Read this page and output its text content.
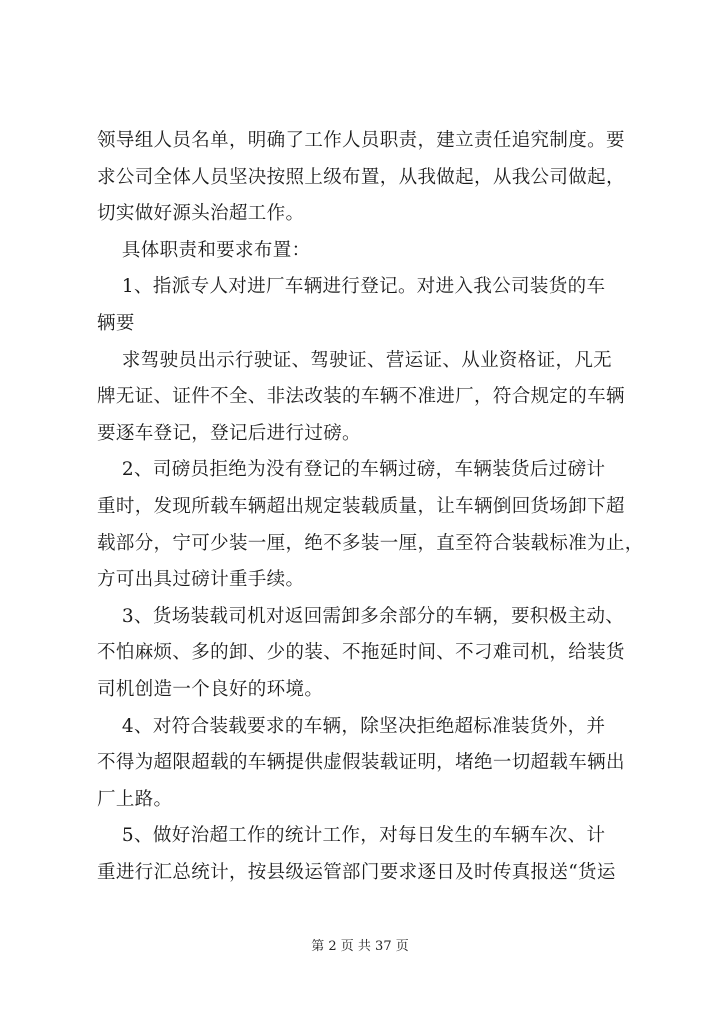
领导组人员名单，明确了工作人员职责，建立责任追究制度。要
求公司全体人员坚决按照上级布置，从我做起，从我公司做起，
切实做好源头治超工作。
具体职责和要求布置：
1、指派专人对进厂车辆进行登记。对进入我公司装货的车
辆要
求驾驶员出示行驶证、驾驶证、营运证、从业资格证，凡无
牌无证、证件不全、非法改装的车辆不准进厂，符合规定的车辆
要逐车登记，登记后进行过磅。
2、司磅员拒绝为没有登记的车辆过磅，车辆装货后过磅计
重时，发现所载车辆超出规定装载质量，让车辆倒回货场卸下超
载部分，宁可少装一厘，绝不多装一厘，直至符合装载标准为止，
方可出具过磅计重手续。
3、货场装载司机对返回需卸多余部分的车辆，要积极主动、
不怕麻烦、多的卸、少的装、不拖延时间、不刁难司机，给装货
司机创造一个良好的环境。
4、对符合装载要求的车辆，除坚决拒绝超标准装货外，并
不得为超限超载的车辆提供虚假装载证明，堵绝一切超载车辆出
厂上路。
5、做好治超工作的统计工作，对每日发生的车辆车次、计
重进行汇总统计，按县级运管部门要求逐日及时传真报送“货运
第 2 页 共 37 页
